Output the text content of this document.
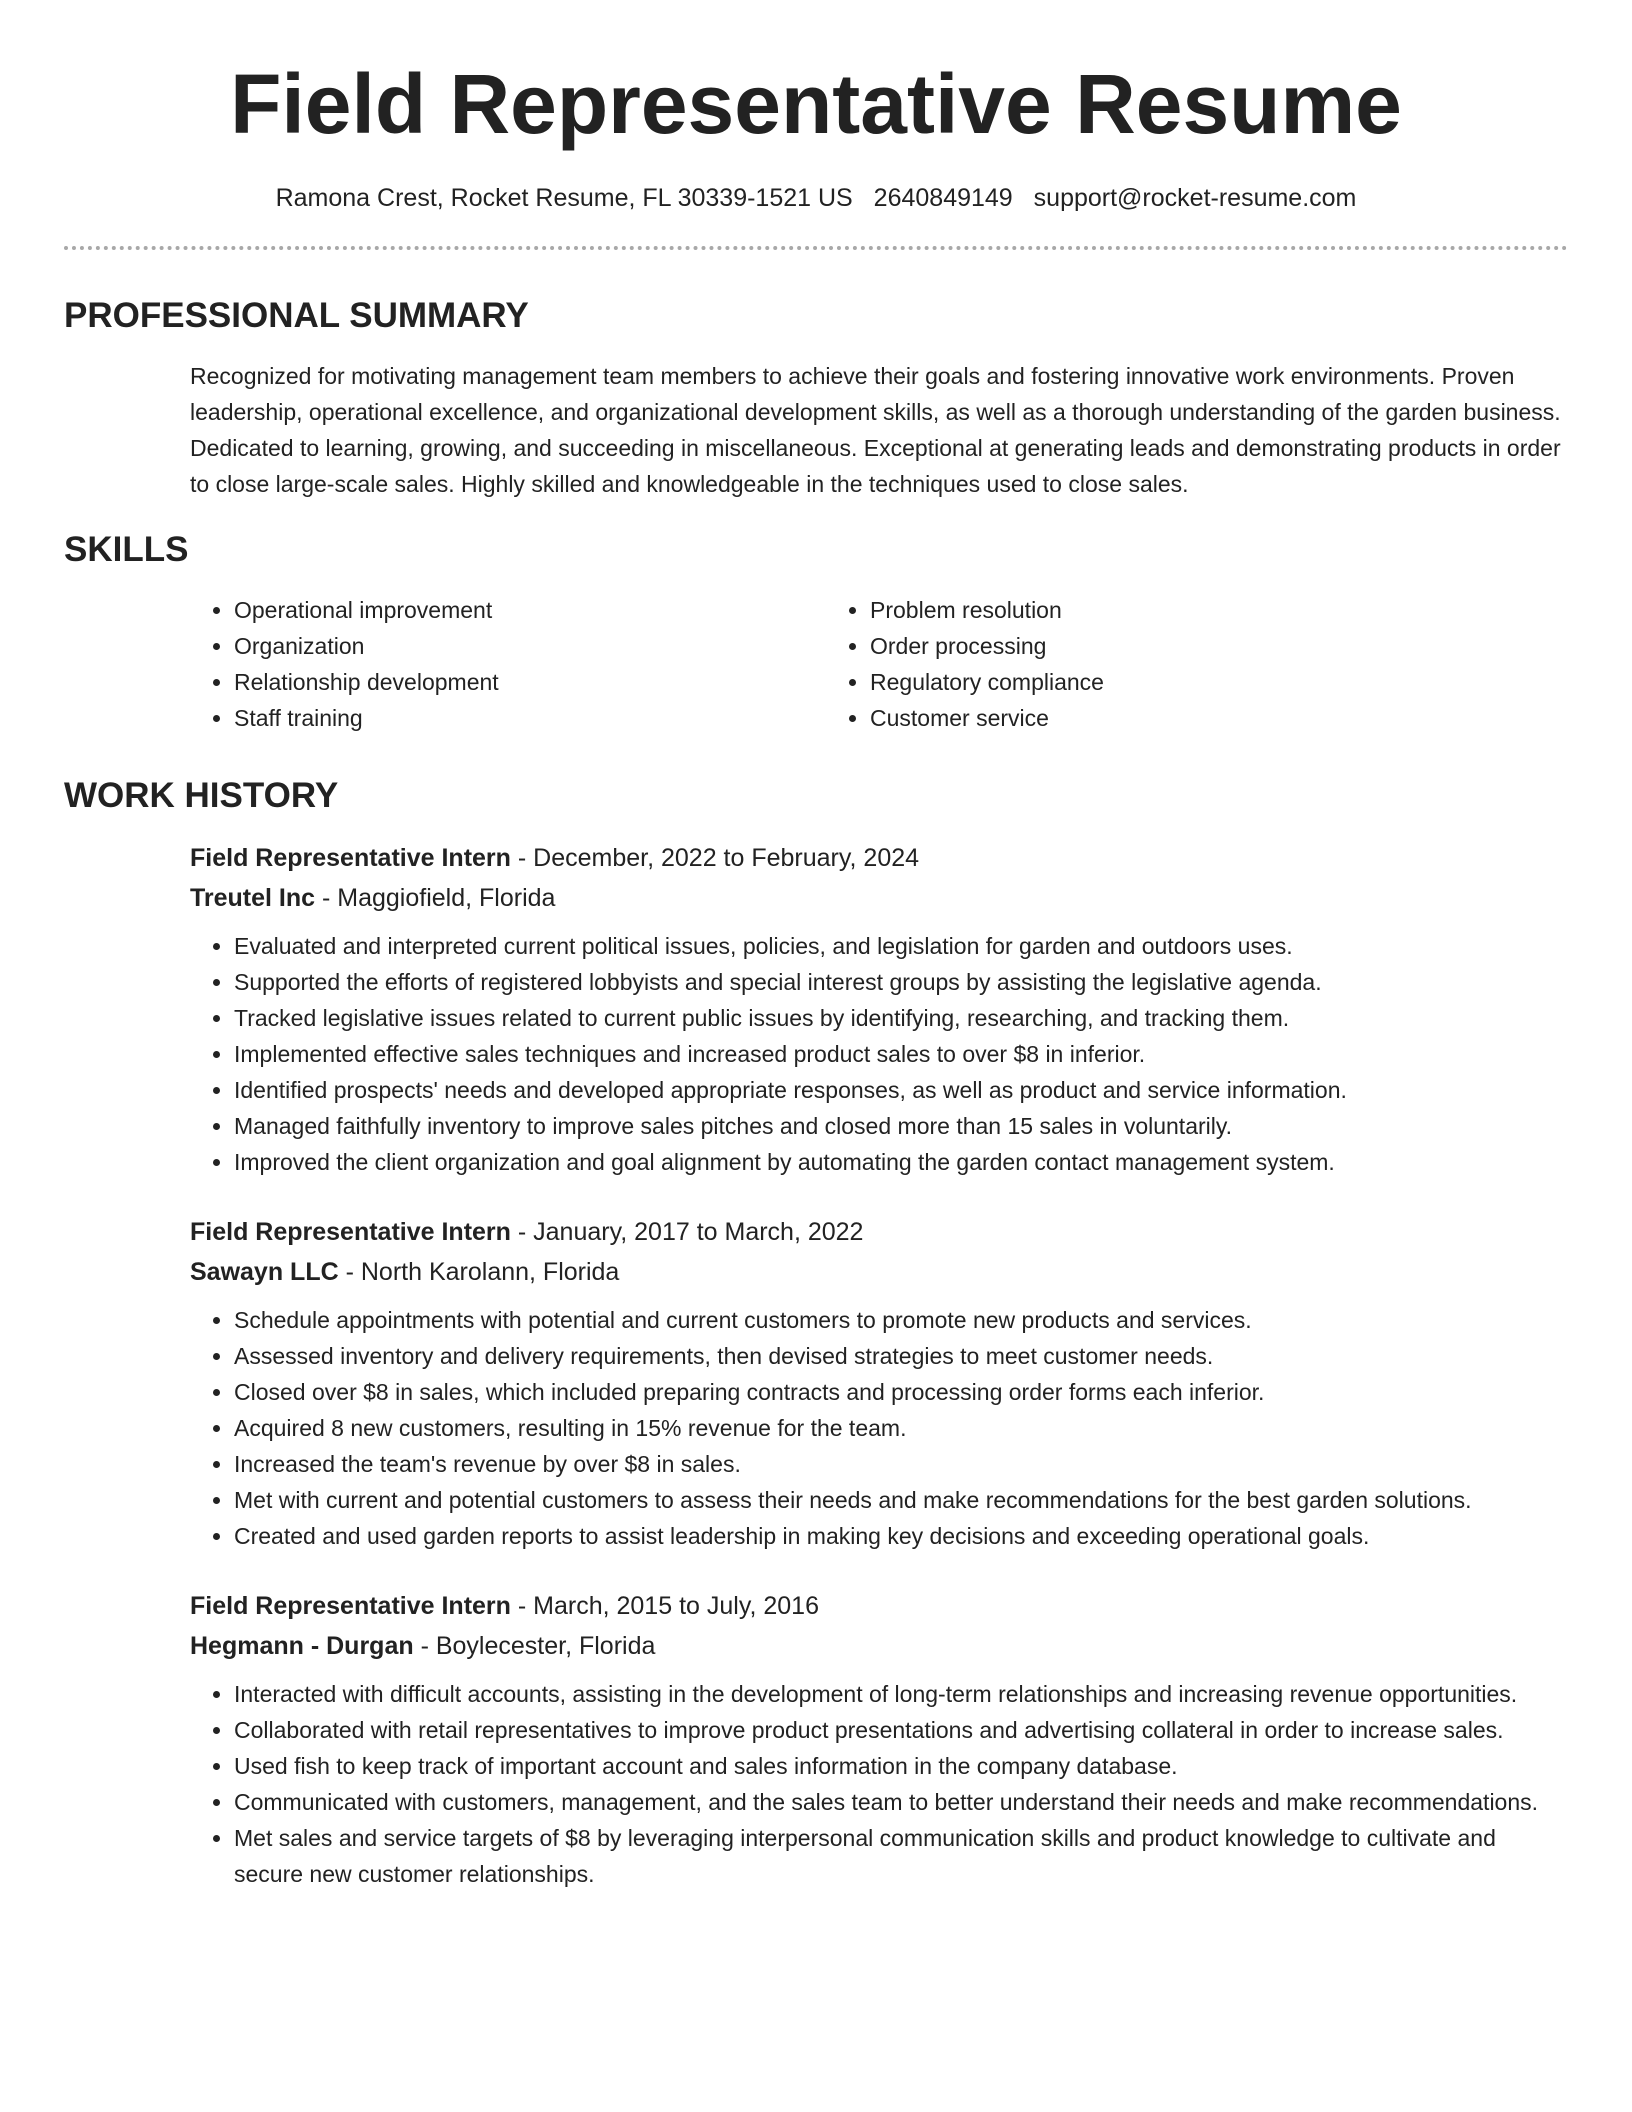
Field Representative Resume
Ramona Crest, Rocket Resume, FL 30339-1521 US 2640849149 support@rocket-resume.com
PROFESSIONAL SUMMARY

Recognized for motivating management team members to achieve their goals and fostering innovative work environments. Proven leadership, operational excellence, and organizational development skills, as well as a thorough understanding of the garden business. Dedicated to learning, growing, and succeeding in miscellaneous. Exceptional at generating leads and demonstrating products in order to close large-scale sales. Highly skilled and knowledgeable in the techniques used to close sales.

SKILLS
• Operational improvement
• Organization
• Relationship development
• Staff training
• Problem resolution
• Order processing
• Regulatory compliance
• Customer service
WORK HISTORY
Field Representative Intern - December, 2022 to February, 2024
Treutel Inc - Maggiofield, Florida
• Evaluated and interpreted current political issues, policies, and legislation for garden and outdoors uses.
• Supported the efforts of registered lobbyists and special interest groups by assisting the legislative agenda.
• Tracked legislative issues related to current public issues by identifying, researching, and tracking them.
• Implemented effective sales techniques and increased product sales to over $8 in inferior.
• Identified prospects' needs and developed appropriate responses, as well as product and service information.
• Managed faithfully inventory to improve sales pitches and closed more than 15 sales in voluntarily.
• Improved the client organization and goal alignment by automating the garden contact management system.
Field Representative Intern - January, 2017 to March, 2022
Sawayn LLC - North Karolann, Florida
• Schedule appointments with potential and current customers to promote new products and services.
• Assessed inventory and delivery requirements, then devised strategies to meet customer needs.
• Closed over $8 in sales, which included preparing contracts and processing order forms each inferior.
• Acquired 8 new customers, resulting in 15% revenue for the team.
• Increased the team's revenue by over $8 in sales.
• Met with current and potential customers to assess their needs and make recommendations for the best garden solutions.
• Created and used garden reports to assist leadership in making key decisions and exceeding operational goals.
Field Representative Intern - March, 2015 to July, 2016
Hegmann - Durgan - Boylecester, Florida
• Interacted with difficult accounts, assisting in the development of long-term relationships and increasing revenue opportunities.
• Collaborated with retail representatives to improve product presentations and advertising collateral in order to increase sales.
• Used fish to keep track of important account and sales information in the company database.
• Communicated with customers, management, and the sales team to better understand their needs and make recommendations.
• Met sales and service targets of $8 by leveraging interpersonal communication skills and product knowledge to cultivate and secure new customer relationships.
